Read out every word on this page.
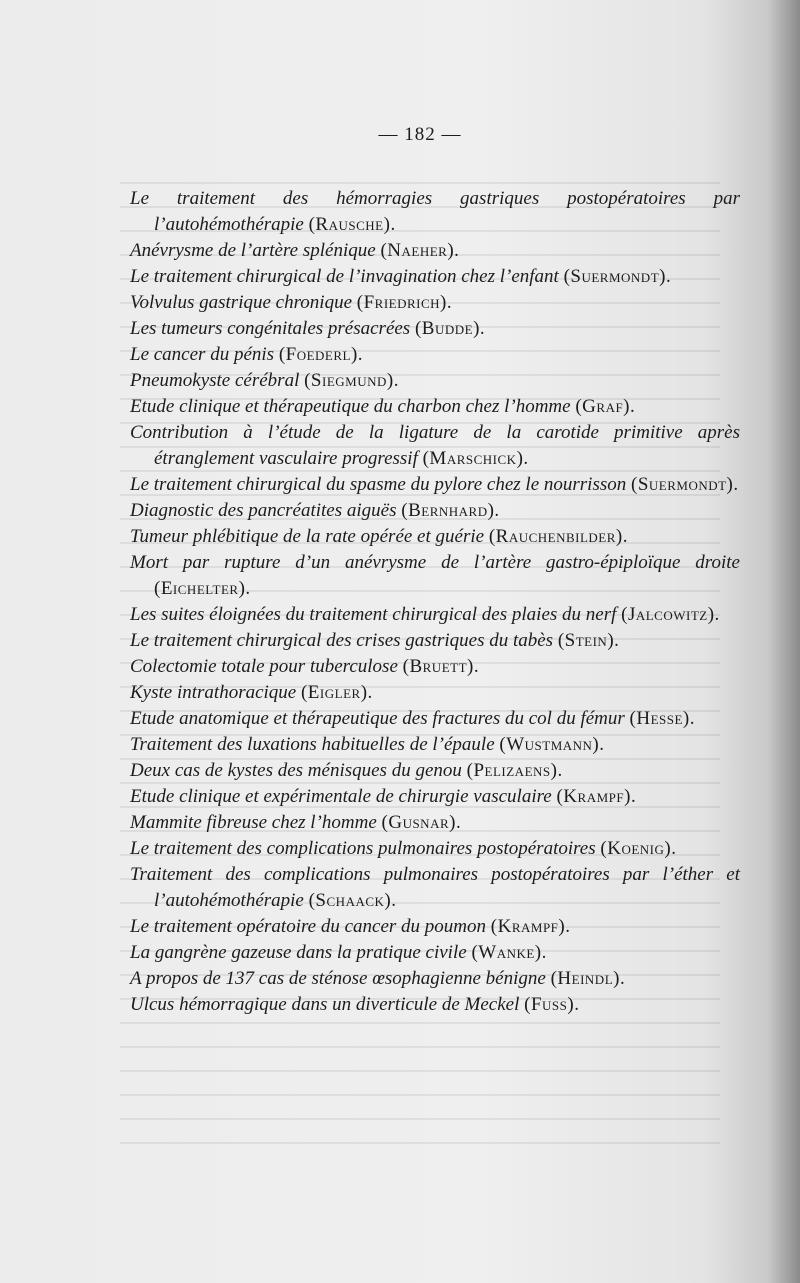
— 182 —

Le traitement des hémorragies gastriques postopératoires par l’autohémothérapie (Rausche).

Anévrysme de l’artère splénique (Naeher).

Le traitement chirurgical de l’invagination chez l’enfant (Suermondt).

Volvulus gastrique chronique (Friedrich).

Les tumeurs congénitales présacrées (Budde).

Le cancer du pénis (Foederl).

Pneumokyste cérébral (Siegmund).

Etude clinique et thérapeutique du charbon chez l’homme (Graf).

Contribution à l’étude de la ligature de la carotide primitive après étranglement vasculaire progressif (Marschick).

Le traitement chirurgical du spasme du pylore chez le nourrisson (Suermondt).

Diagnostic des pancréatites aiguës (Bernhard).

Tumeur phlébitique de la rate opérée et guérie (Rauchenbilder).

Mort par rupture d’un anévrysme de l’artère gastro-épiploïque droite (Eichelter).

Les suites éloignées du traitement chirurgical des plaies du nerf (Jalcowitz).

Le traitement chirurgical des crises gastriques du tabès (Stein).

Colectomie totale pour tuberculose (Bruett).

Kyste intrathoracique (Eigler).

Etude anatomique et thérapeutique des fractures du col du fémur (Hesse).

Traitement des luxations habituelles de l’épaule (Wustmann).

Deux cas de kystes des ménisques du genou (Pelizaens).

Etude clinique et expérimentale de chirurgie vasculaire (Krampf).

Mammite fibreuse chez l’homme (Gusnar).

Le traitement des complications pulmonaires postopératoires (Koenig).

Traitement des complications pulmonaires postopératoires par l’éther et l’autohémothérapie (Schaack).

Le traitement opératoire du cancer du poumon (Krampf).

La gangrène gazeuse dans la pratique civile (Wanke).

A propos de 137 cas de sténose œsophagienne bénigne (Heindl).

Ulcus hémorragique dans un diverticule de Meckel (Fuss).
